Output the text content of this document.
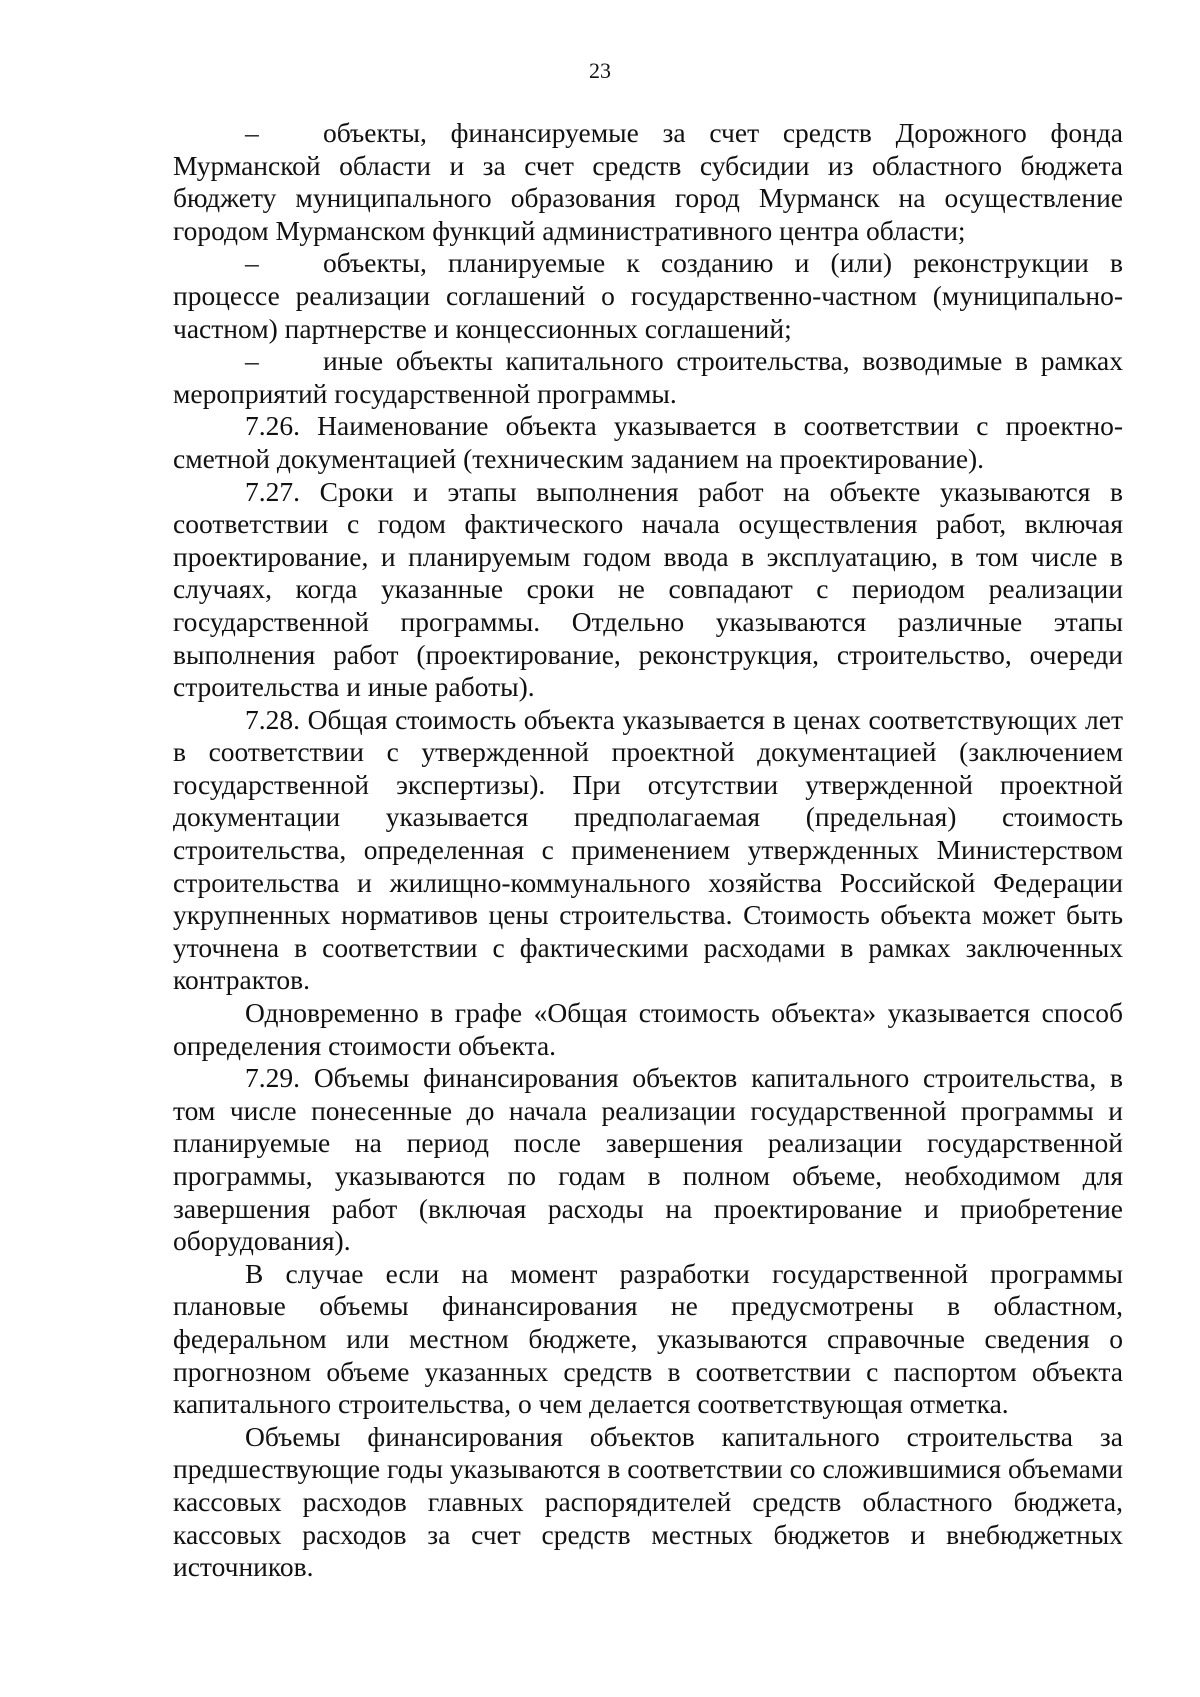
23

– объекты, финансируемые за счет средств Дорожного фонда Мурманской области и за счет средств субсидии из областного бюджета бюджету муниципального образования город Мурманск на осуществление городом Мурманском функций административного центра области;

– объекты, планируемые к созданию и (или) реконструкции в процессе реализации соглашений о государственно-частном (муниципально-частном) партнерстве и концессионных соглашений;

– иные объекты капитального строительства, возводимые в рамках мероприятий государственной программы.

7.26. Наименование объекта указывается в соответствии с проектно-сметной документацией (техническим заданием на проектирование).

7.27. Сроки и этапы выполнения работ на объекте указываются в соответствии с годом фактического начала осуществления работ, включая проектирование, и планируемым годом ввода в эксплуатацию, в том числе в случаях, когда указанные сроки не совпадают с периодом реализации государственной программы. Отдельно указываются различные этапы выполнения работ (проектирование, реконструкция, строительство, очереди строительства и иные работы).

7.28. Общая стоимость объекта указывается в ценах соответствующих лет в соответствии с утвержденной проектной документацией (заключением государственной экспертизы). При отсутствии утвержденной проектной документации указывается предполагаемая (предельная) стоимость строительства, определенная с применением утвержденных Министерством строительства и жилищно-коммунального хозяйства Российской Федерации укрупненных нормативов цены строительства. Стоимость объекта может быть уточнена в соответствии с фактическими расходами в рамках заключенных контрактов.

Одновременно в графе «Общая стоимость объекта» указывается способ определения стоимости объекта.

7.29. Объемы финансирования объектов капитального строительства, в том числе понесенные до начала реализации государственной программы и планируемые на период после завершения реализации государственной программы, указываются по годам в полном объеме, необходимом для завершения работ (включая расходы на проектирование и приобретение оборудования).

В случае если на момент разработки государственной программы плановые объемы финансирования не предусмотрены в областном, федеральном или местном бюджете, указываются справочные сведения о прогнозном объеме указанных средств в соответствии с паспортом объекта капитального строительства, о чем делается соответствующая отметка.

Объемы финансирования объектов капитального строительства за предшествующие годы указываются в соответствии со сложившимися объемами кассовых расходов главных распорядителей средств областного бюджета, кассовых расходов за счет средств местных бюджетов и внебюджетных источников.
